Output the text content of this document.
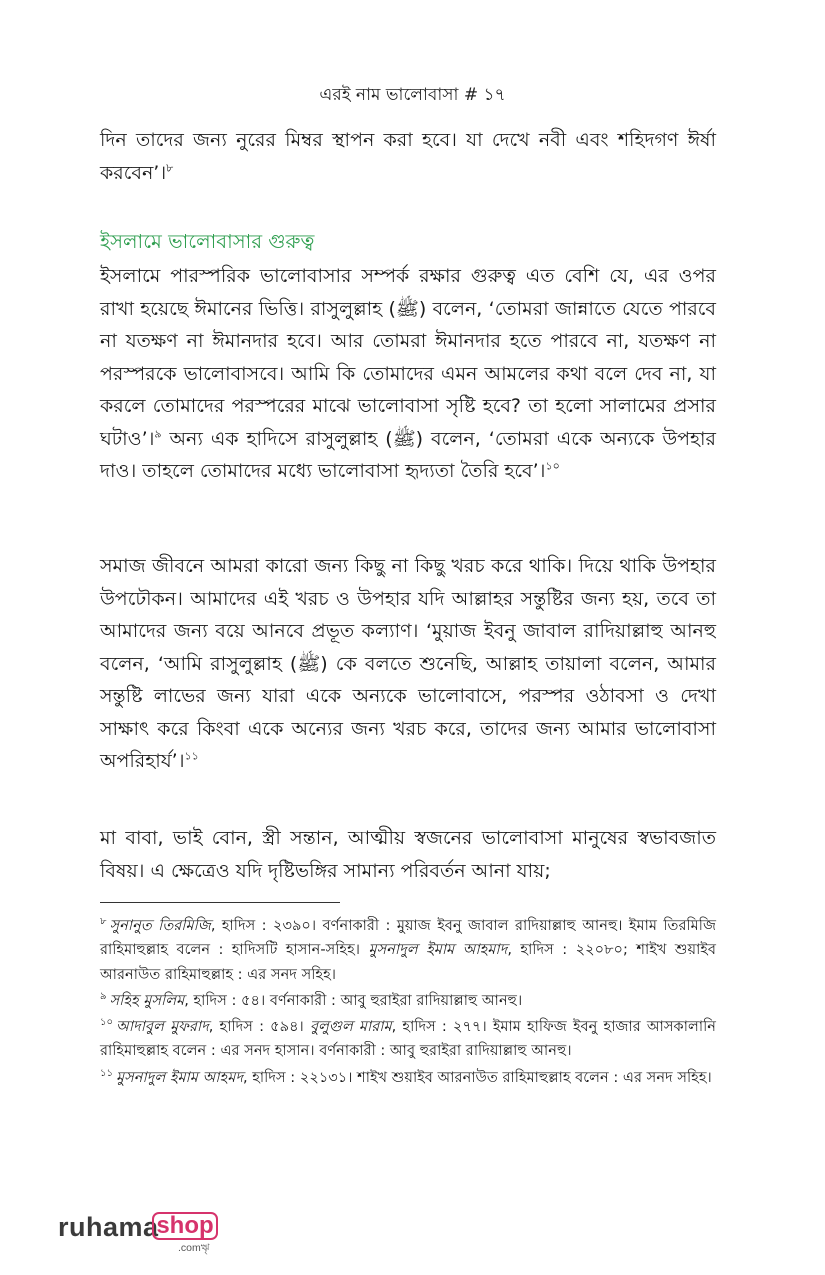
এরই নাম ভালোবাসা # ১৭
দিন তাদের জন্য নুরের মিম্বর স্থাপন করা হবে। যা দেখে নবী এবং শহিদগণ ঈর্ষা করবেন’।$^৮$
ইসলামে ভালোবাসার গুরুত্ব
ইসলামে পারস্পরিক ভালোবাসার সম্পর্ক রক্ষার গুরুত্ব এত বেশি যে, এর ওপর রাখা হয়েছে ঈমানের ভিত্তি। রাসুলুল্লাহ (ﷺ) বলেন, ‘তোমরা জান্নাতে যেতে পারবে না যতক্ষণ না ঈমানদার হবে। আর তোমরা ঈমানদার হতে পারবে না, যতক্ষণ না পরস্পরকে ভালোবাসবে। আমি কি তোমাদের এমন আমলের কথা বলে দেব না, যা করলে তোমাদের পরস্পরের মাঝে ভালোবাসা সৃষ্টি হবে? তা হলো সালামের প্রসার ঘটাও’।$^৯$ অন্য এক হাদিসে রাসুলুল্লাহ (ﷺ) বলেন, ‘তোমরা একে অন্যকে উপহার দাও। তাহলে তোমাদের মধ্যে ভালোবাসা হৃদ্যতা তৈরি হবে’।$^{১০}$
সমাজ জীবনে আমরা কারো জন্য কিছু না কিছু খরচ করে থাকি। দিয়ে থাকি উপহার উপঢৌকন। আমাদের এই খরচ ও উপহার যদি আল্লাহর সন্তুষ্টির জন্য হয়, তবে তা আমাদের জন্য বয়ে আনবে প্রভূত কল্যাণ। ‘মুয়াজ ইবনু জাবাল রাদিয়াল্লাহু আনহু বলেন, ‘আমি রাসুলুল্লাহ (ﷺ) কে বলতে শুনেছি, আল্লাহ তায়ালা বলেন, আমার সন্তুষ্টি লাভের জন্য যারা একে অন্যকে ভালোবাসে, পরস্পর ওঠাবসা ও দেখা সাক্ষাৎ করে কিংবা একে অন্যের জন্য খরচ করে, তাদের জন্য আমার ভালোবাসা অপরিহার্য’।$^{১১}$
মা বাবা, ভাই বোন, স্ত্রী সন্তান, আত্মীয় স্বজনের ভালোবাসা মানুষের স্বভাবজাত বিষয়। এ ক্ষেত্রেও যদি দৃষ্টিভঙ্গির সামান্য পরিবর্তন আনা যায়;
$^৮$ সুনানুত তিরমিজি, হাদিস : ২৩৯০। বর্ণনাকারী : মুয়াজ ইবনু জাবাল রাদিয়াল্লাহু আনহু। ইমাম তিরমিজি রাহিমাহুল্লাহ বলেন : হাদিসটি হাসান-সহিহ। মুসনাদুল ইমাম আহমাদ, হাদিস : ২২০৮০; শাইখ শুয়াইব আরনাউত রাহিমাহুল্লাহ : এর সনদ সহিহ।
$^৯$ সহিহ মুসলিম, হাদিস : ৫৪। বর্ণনাকারী : আবু হুরাইরা রাদিয়াল্লাহু আনহু।
$^{১০}$ আদাবুল মুফরাদ, হাদিস : ৫৯৪। বুলুগুল মারাম, হাদিস : ২৭৭। ইমাম হাফিজ ইবনু হাজার আসকালানি রাহিমাহুল্লাহ বলেন : এর সনদ হাসান। বর্ণনাকারী : আবু হুরাইরা রাদিয়াল্লাহু আনহু।
$^{১১}$ মুসনাদুল ইমাম আহমদ, হাদিস : ২২১৩১। শাইখ শুয়াইব আরনাউত রাহিমাহুল্লাহ বলেন : এর সনদ সহিহ।
ruhama
shop
.comৠ
